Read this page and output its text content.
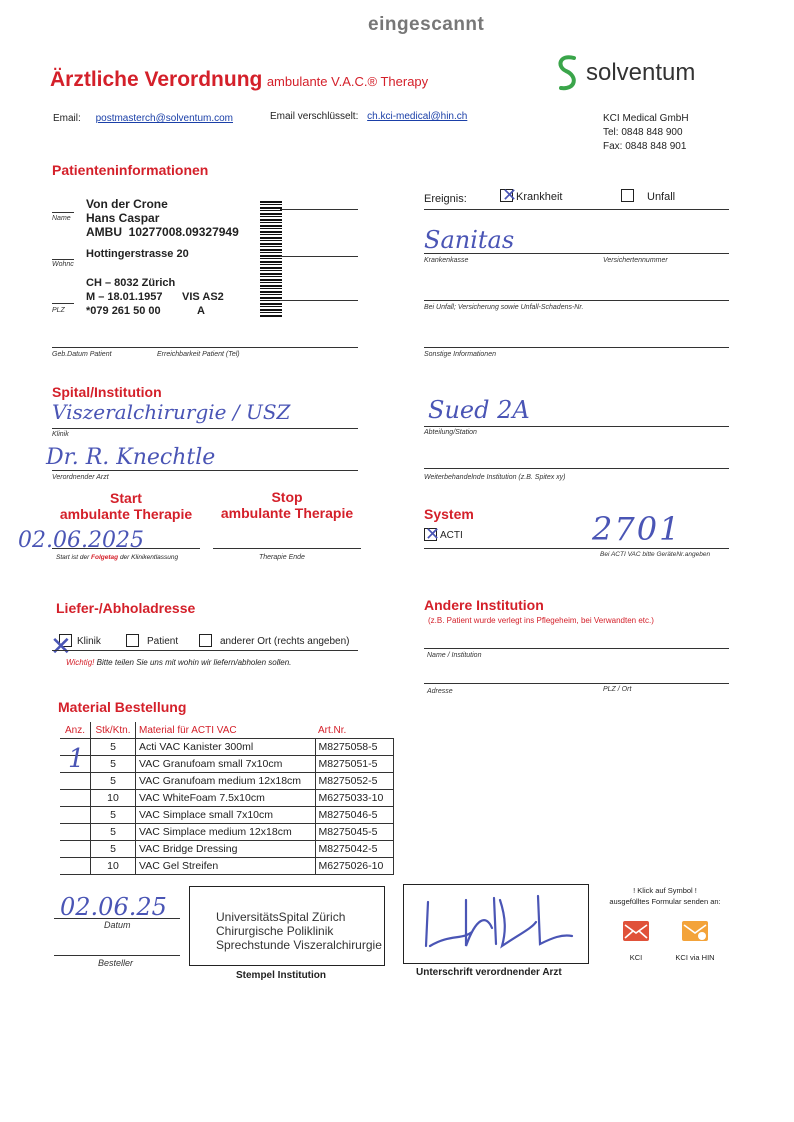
eingescannt
Ärztliche Verordnung ambulante V.A.C.® Therapy	solventum
Email: postmasterch@solventum.com	Email verschlüsselt: ch.kci-medical@hin.ch	KCI Medical GmbH
Tel: 0848 848 900
Fax: 0848 848 901
Patienteninformationen
Von der Crone
Hans Caspar
AMBU  10277008.09327949
Hottingerstrasse 20
CH – 8032 Zürich
M – 18.01.1957 VIS AS2
*079 261 50 00	A
Name
Wohnc
PLZ
Geb.Datum Patient	Erreichbarkeit Patient (Tel)
Ereignis: ✕
Krankheit	Unfall
Sanitas
Krankenkasse	Versichertennummer
Bei Unfall; Versicherung sowie Unfall-Schadens-Nr.
Sonstige Informationen
Spital/Institution
Viszeralchirurgie / USZ
Klinik
Dr. R. Knechtle
Verordnender Arzt
Sued 2A
Abteilung/Station
Weiterbehandelnde Institution (z.B. Spitex xy)
Start
ambulante Therapie
Stop
ambulante Therapie
02.06.2025
Start ist der Folgetag der Klinikentlassung	Therapie Ende
System
✕ ACTI	2701
Bei ACTI VAC bitte GeräteNr.angeben
Liefer-/Abholadresse
✕ Klinik	Patient	anderer Ort (rechts angeben)
Wichtig! Bitte teilen Sie uns mit wohin wir liefern/abholen sollen.
Andere Institution
(z.B. Patient wurde verlegt ins Pflegeheim, bei Verwandten etc.)
Name / Institution
Adresse	PLZ / Ort
Material Bestellung
Anz.	Stk/Ktn.	Material für ACTI VAC	Art.Nr.
	5	Acti VAC Kanister 300ml	M8275058-5
	5	VAC Granufoam small 7x10cm	M8275051-5
	5	VAC Granufoam medium 12x18cm	M8275052-5
	10	VAC WhiteFoam 7.5x10cm	M6275033-10
	5	VAC Simplace small 7x10cm	M8275046-5
	5	VAC Simplace medium 12x18cm	M8275045-5
	5	VAC Bridge Dressing	M8275042-5
	10	VAC Gel Streifen	M6275026-10
1
02.06.25
Datum
Besteller
UniversitätsSpital Zürich
Chirurgische Poliklinik
Sprechstunde Viszeralchirurgie
Stempel Institution	Unterschrift verordnender Arzt
! Klick auf Symbol !
ausgefülltes Formular senden an:
KCI	KCI via HIN
